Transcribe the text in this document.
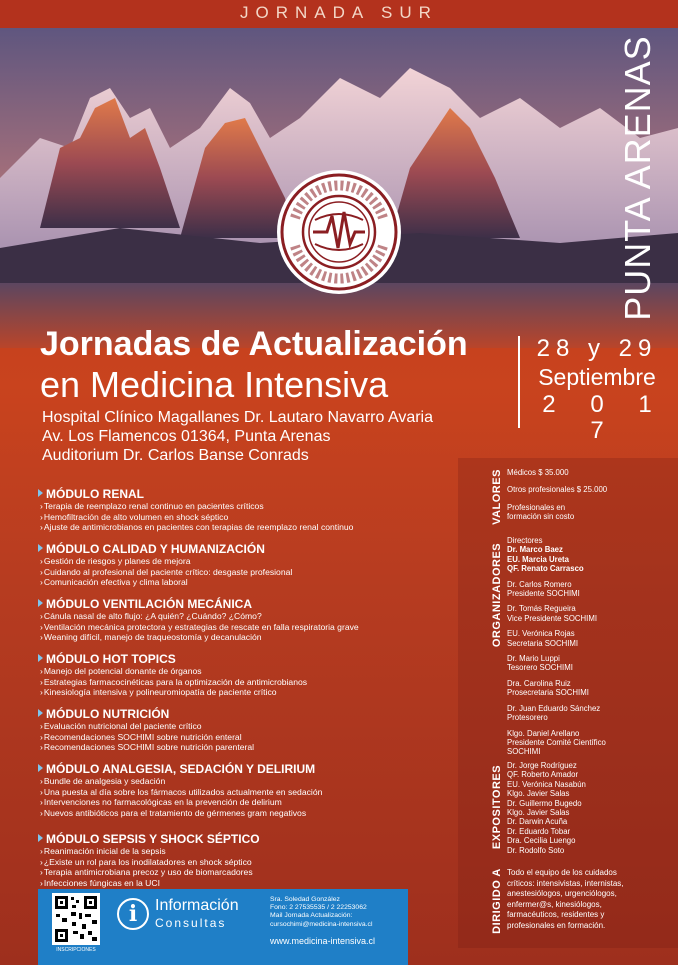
JORNADA SUR
PUNTA ARENAS
Jornadas de Actualización
en Medicina Intensiva
28 y 29
Septiembre
2 0 1 7
Hospital Clínico Magallanes Dr. Lautaro Navarro Avaria
Av. Los Flamencos 01364, Punta Arenas
Auditorium Dr. Carlos Banse Conrads
MÓDULO RENAL
› Terapia de reemplazo renal continuo en pacientes críticos
› Hemofiltración de alto volumen en shock séptico
› Ajuste de antimicrobianos en pacientes con terapias de reemplazo renal continuo
MÓDULO CALIDAD Y HUMANIZACIÓN
› Gestión de riesgos y planes de mejora
› Cuidando al profesional del paciente crítico: desgaste profesional
› Comunicación efectiva y clima laboral
MÓDULO VENTILACIÓN MECÁNICA
› Cánula nasal de alto flujo: ¿A quién? ¿Cuándo? ¿Cómo?
› Ventilación mecánica protectora y estrategias de rescate en falla respiratoria grave
› Weaning difícil, manejo de traqueostomía y decanulación
MÓDULO HOT TOPICS
› Manejo del potencial donante de órganos
› Estrategias farmacocinéticas para la optimización de antimicrobianos
› Kinesiología intensiva y polineuromiopatía de paciente crítico
MÓDULO NUTRICIÓN
› Evaluación nutricional del paciente crítico
› Recomendaciones SOCHIMI sobre nutrición enteral
› Recomendaciones SOCHIMI sobre nutrición parenteral
MÓDULO ANALGESIA, SEDACIÓN Y DELIRIUM
› Bundle de analgesia y sedación
› Una puesta al día sobre los fármacos utilizados actualmente en sedación
› Intervenciones no farmacológicas en la prevención de delirium
› Nuevos antibióticos para el tratamiento de gérmenes gram negativos
MÓDULO SEPSIS Y SHOCK SÉPTICO
› Reanimación inicial de la sepsis
› ¿Existe un rol para los inodilatadores en shock séptico
› Terapia antimicrobiana precoz y uso de biomarcadores
› Infecciones fúngicas en la UCI
VALORES Médicos $ 35.000
Otros profesionales $ 25.000
Profesionales en
formación sin costo
ORGANIZADORES
Directores
Dr. Marco Baez
EU. Marcia Ureta
QF. Renato Carrasco
Dr. Carlos Romero
Presidente SOCHIMI
Dr. Tomás Regueira
Vice Presidente SOCHIMI
EU. Verónica Rojas
Secretaria SOCHIMI
Dr. Mario Luppi
Tesorero SOCHIMI
Dra. Carolina Ruiz
Prosecretaria SOCHIMI
Dr. Juan Eduardo Sánchez
Protesorero
Klgo. Daniel Arellano
Presidente Comité Científico
SOCHIMI
EXPOSITORES Dr. Jorge Rodríguez
QF. Roberto Amador
EU. Verónica Nasabún
Klgo. Javier Salas
Dr. Guillermo Bugedo
Klgo. Javier Salas
Dr. Darwin Acuña
Dr. Eduardo Tobar
Dra. Cecilia Luengo
Dr. Rodolfo Soto
DIRIGIDO A Todo el equipo de los cuidados
críticos: intensivistas, internistas,
anestesiólogos, urgenciólogos,
enfermer@s, kinesiólogos,
farmacéuticos, residentes y
profesionales en formación.
INSCRIPCIONES
i	Información
Consultas
Sra. Soledad González
Fono: 2 27535535 / 2 22253062
Mail Jornada Actualización:
cursochimi@medicina-intensiva.cl
www.medicina-intensiva.cl
